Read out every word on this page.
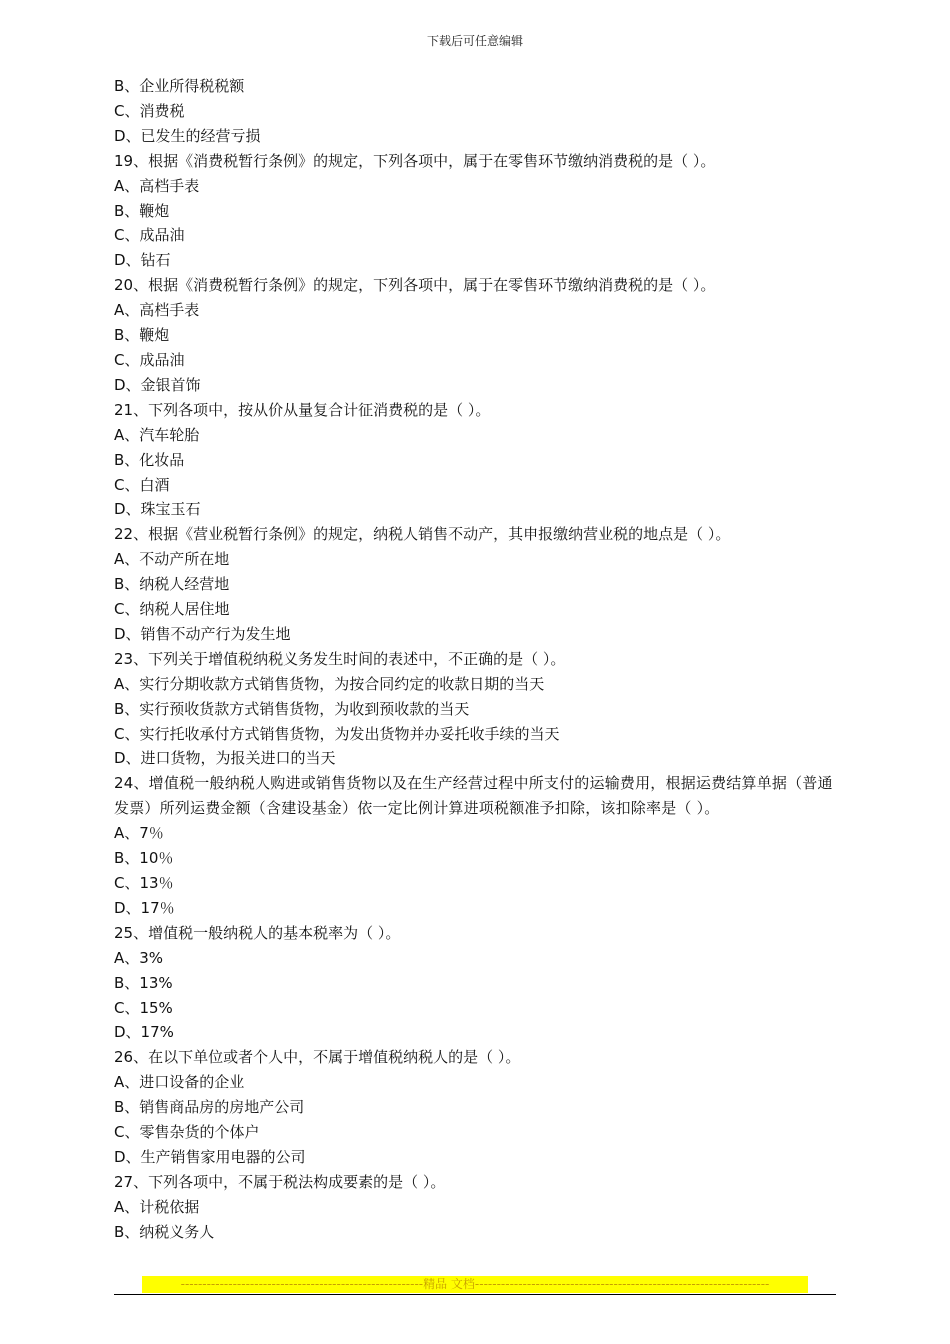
下载后可任意编辑
B、企业所得税税额
C、消费税
D、已发生的经营亏损
19、根据《消费税暂行条例》的规定，下列各项中，属于在零售环节缴纳消费税的是（ ）。
A、高档手表
B、鞭炮
C、成品油
D、钻石
20、根据《消费税暂行条例》的规定，下列各项中，属于在零售环节缴纳消费税的是（ ）。
A、高档手表
B、鞭炮
C、成品油
D、金银首饰
21、下列各项中，按从价从量复合计征消费税的是（ ）。
A、汽车轮胎
B、化妆品
C、白酒
D、珠宝玉石
22、根据《营业税暂行条例》的规定，纳税人销售不动产，其申报缴纳营业税的地点是（ ）。
A、不动产所在地
B、纳税人经营地
C、纳税人居住地
D、销售不动产行为发生地
23、下列关于增值税纳税义务发生时间的表述中，不正确的是（ ）。
A、实行分期收款方式销售货物，为按合同约定的收款日期的当天
B、实行预收货款方式销售货物，为收到预收款的当天
C、实行托收承付方式销售货物，为发出货物并办妥托收手续的当天
D、进口货物，为报关进口的当天
24、增值税一般纳税人购进或销售货物以及在生产经营过程中所支付的运输费用，根据运费结算单据（普通发票）所列运费金额（含建设基金）依一定比例计算进项税额准予扣除，该扣除率是（ ）。
A、7％
B、10％
C、13％
D、17％
25、增值税一般纳税人的基本税率为（ ）。
A、3%
B、13%
C、15%
D、17%
26、在以下单位或者个人中，不属于增值税纳税人的是（ ）。
A、进口设备的企业
B、销售商品房的房地产公司
C、零售杂货的个体户
D、生产销售家用电器的公司
27、下列各项中，不属于税法构成要素的是（ ）。
A、计税依据
B、纳税义务人
--------------------------------------------------------精品 文档--------------------------------------------------------------------
